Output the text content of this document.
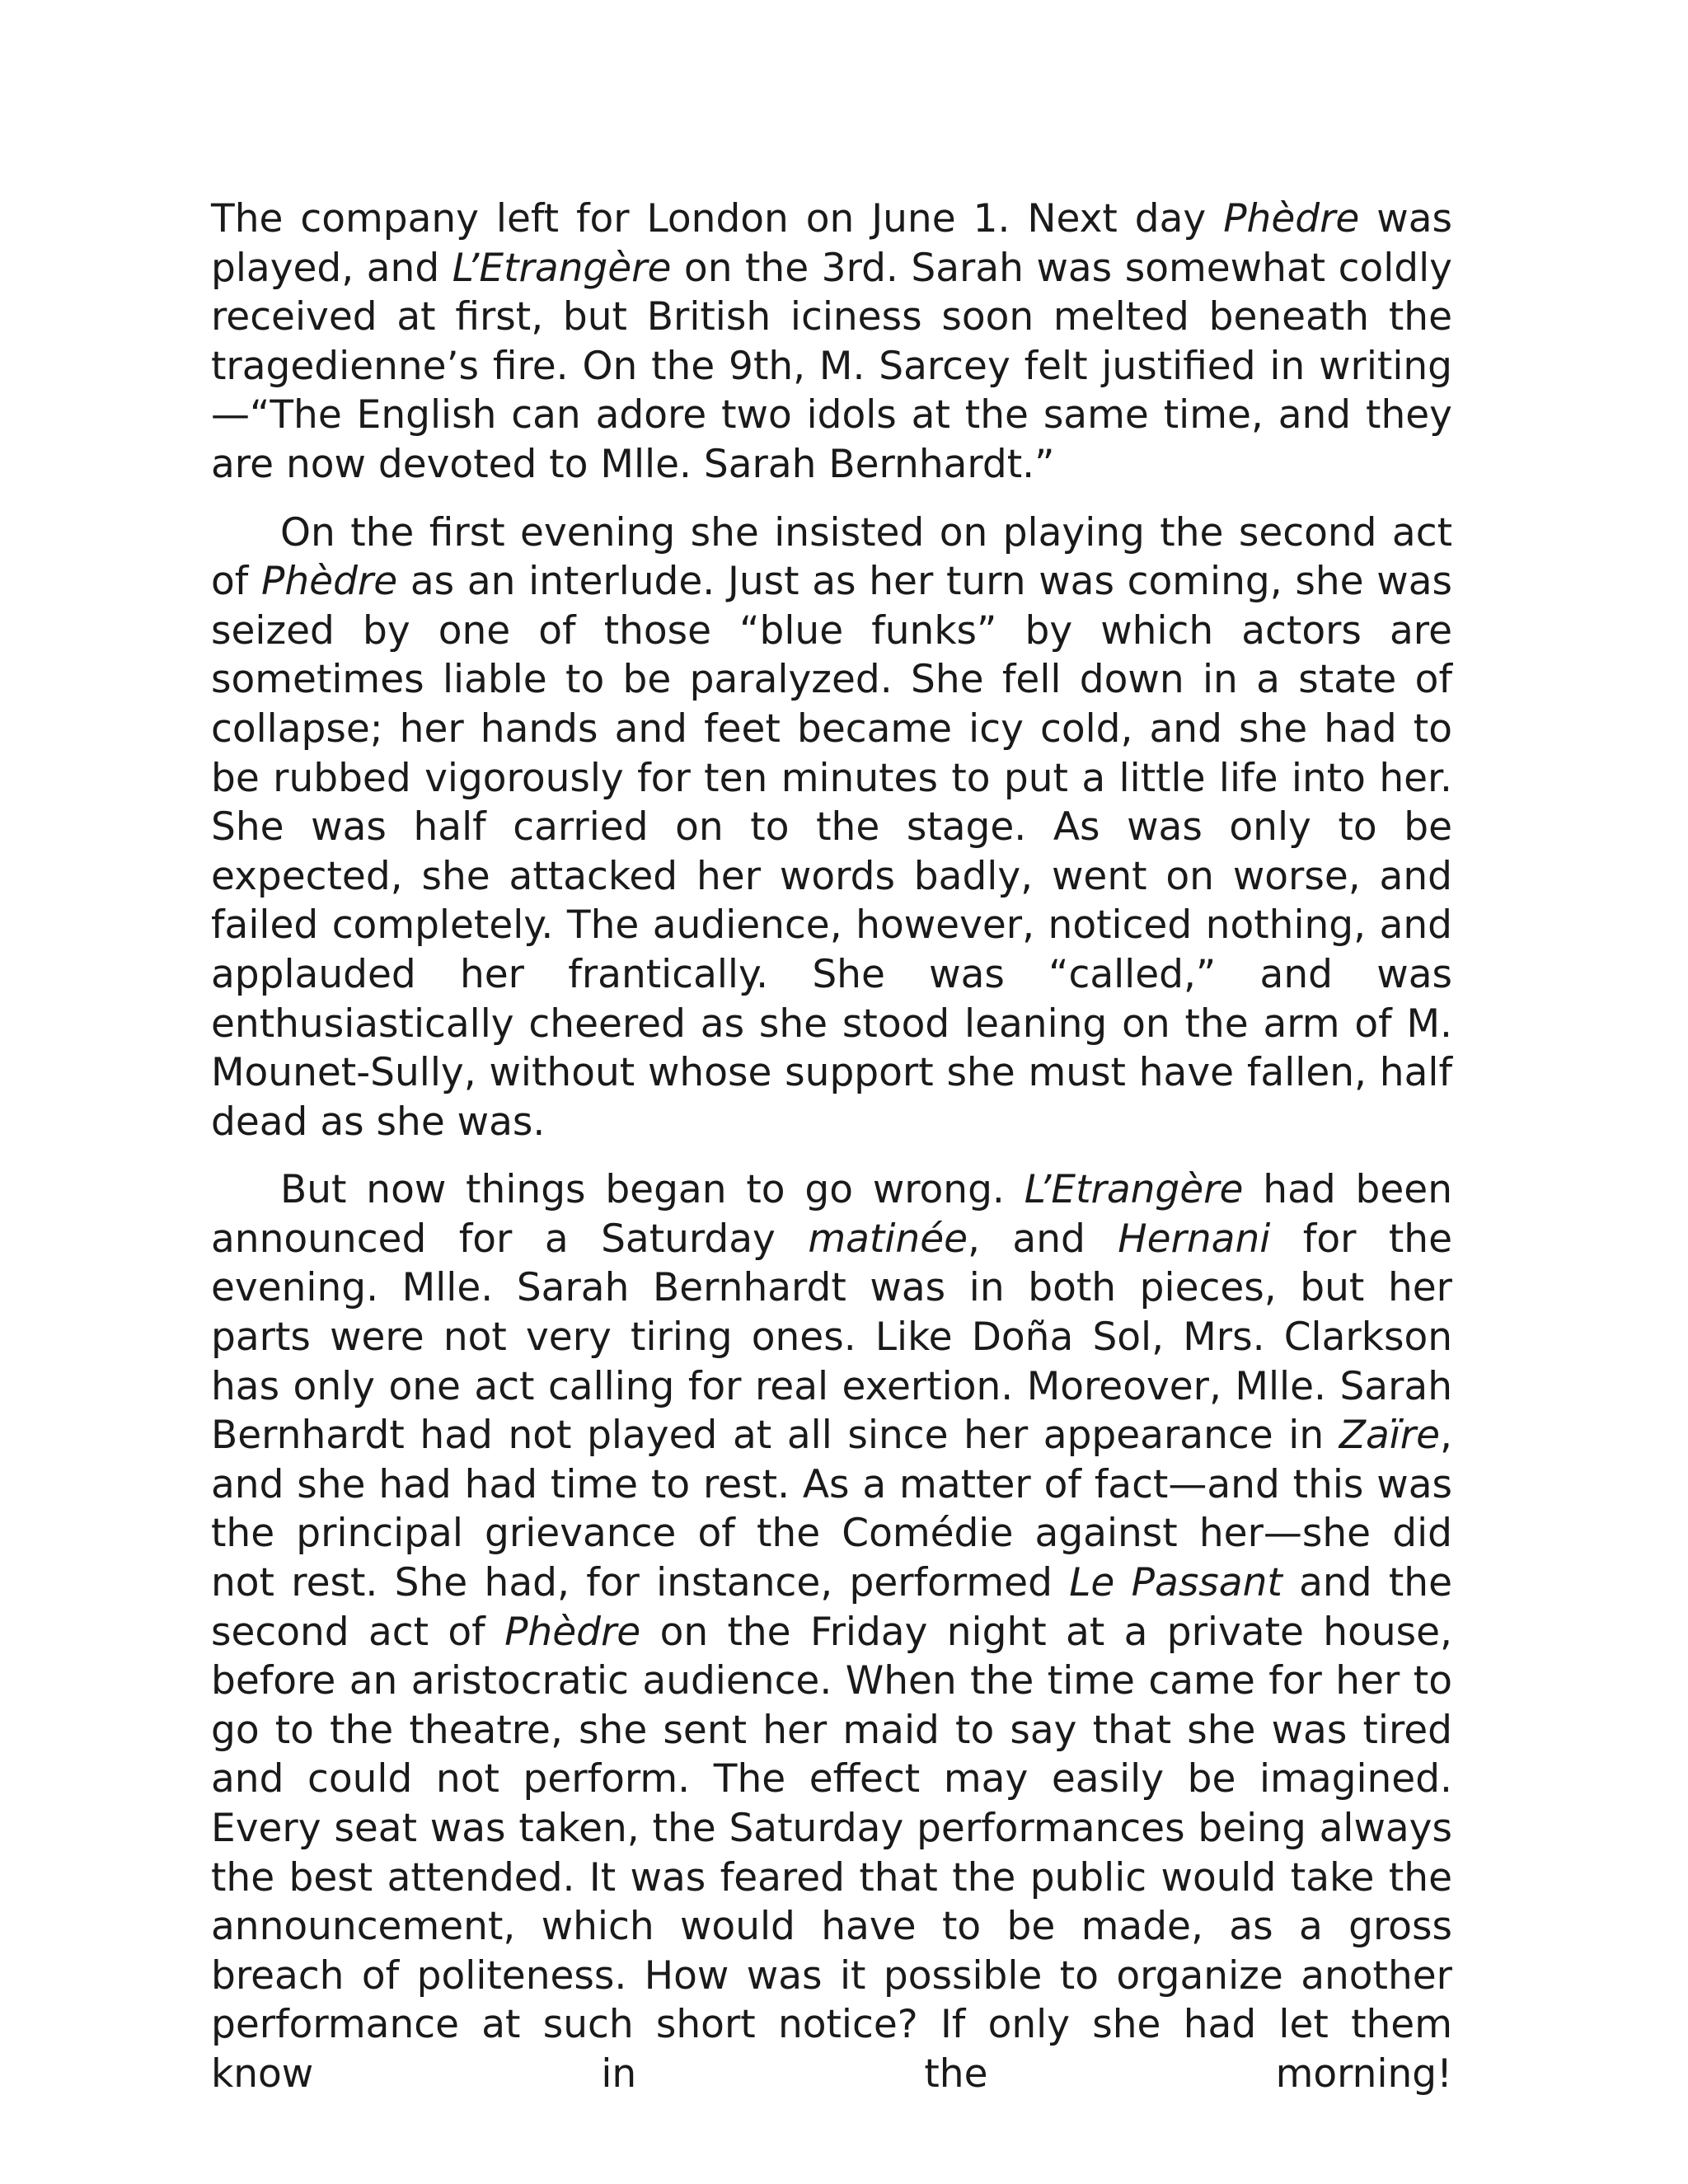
The company left for London on June 1. Next day Phèdre was played, and L’Etrangère on the 3rd. Sarah was somewhat coldly received at first, but British iciness soon melted beneath the tragedienne’s fire. On the 9th, M. Sarcey felt justified in writing —“The English can adore two idols at the same time, and they are now devoted to Mlle. Sarah Bernhardt.”

On the first evening she insisted on playing the second act of Phèdre as an interlude. Just as her turn was coming, she was seized by one of those “blue funks” by which actors are sometimes liable to be paralyzed. She fell down in a state of collapse; her hands and feet became icy cold, and she had to be rubbed vigorously for ten minutes to put a little life into her. She was half carried on to the stage. As was only to be expected, she attacked her words badly, went on worse, and failed completely. The audience, however, noticed nothing, and applauded her frantically. She was “called,” and was enthusiastically cheered as she stood leaning on the arm of M. Mounet-Sully, without whose support she must have fallen, half dead as she was.

But now things began to go wrong. L’Etrangère had been announced for a Saturday matinée, and Hernani for the evening. Mlle. Sarah Bernhardt was in both pieces, but her parts were not very tiring ones. Like Doña Sol, Mrs. Clarkson has only one act calling for real exertion. Moreover, Mlle. Sarah Bernhardt had not played at all since her appearance in Zaïre, and she had had time to rest. As a matter of fact—and this was the principal grievance of the Comédie against her—she did not rest. She had, for instance, performed Le Passant and the second act of Phèdre on the Friday night at a private house, before an aristocratic audience. When the time came for her to go to the theatre, she sent her maid to say that she was tired and could not perform. The effect may easily be imagined. Every seat was taken, the Saturday performances being always the best attended. It was feared that the public would take the announcement, which would have to be made, as a gross breach of politeness. How was it possible to organize another performance at such short notice? If only she had let them know in the morning!
